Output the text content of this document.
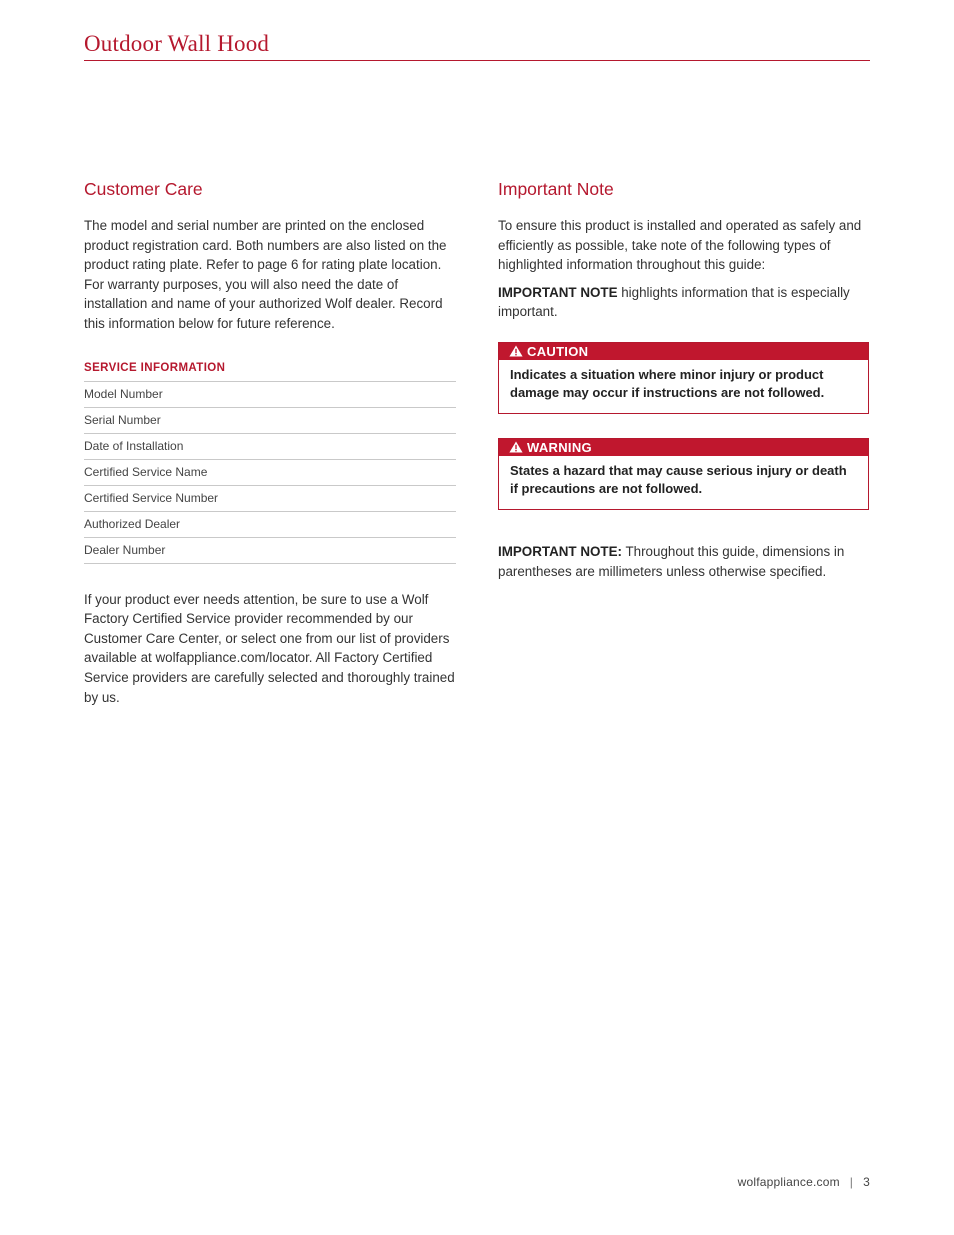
Outdoor Wall Hood
Customer Care

The model and serial number are printed on the enclosed product registration card. Both numbers are also listed on the product rating plate. Refer to page 6 for rating plate location. For warranty purposes, you will also need the date of installation and name of your authorized Wolf dealer. Record this information below for future reference.

SERVICE INFORMATION
Model Number
Serial Number
Date of Installation
Certified Service Name
Certified Service Number
Authorized Dealer
Dealer Number

If your product ever needs attention, be sure to use a Wolf Factory Certified Service provider recommended by our Customer Care Center, or select one from our list of providers available at wolfappliance.com/locator. All Factory Certified Service providers are carefully selected and thoroughly trained by us.

Important Note

To ensure this product is installed and operated as safely and efficiently as possible, take note of the following types of highlighted information throughout this guide:

IMPORTANT NOTE highlights information that is especially important.

CAUTION
Indicates a situation where minor injury or product damage may occur if instructions are not followed.
WARNING
States a hazard that may cause serious injury or death if precautions are not followed.

IMPORTANT NOTE: Throughout this guide, dimensions in parentheses are millimeters unless otherwise specified.

wolfappliance.com | 3
